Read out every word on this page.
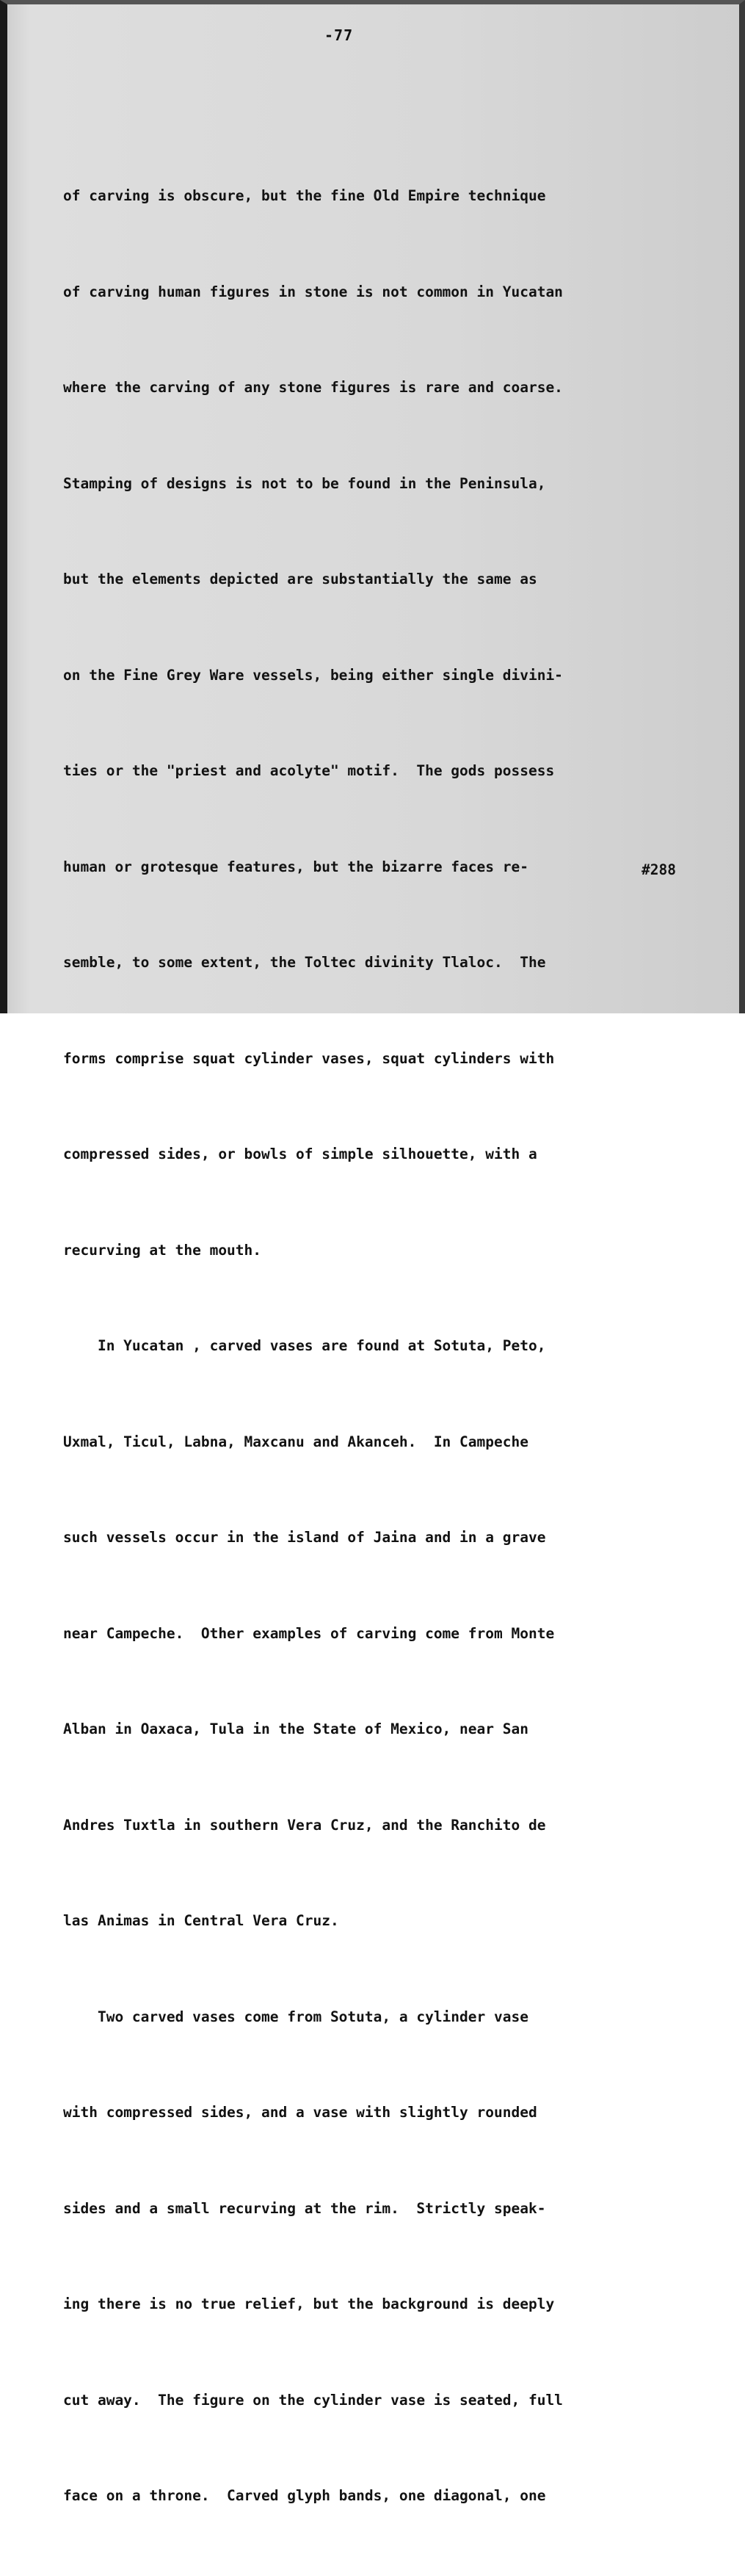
-77

of carving is obscure, but the fine Old Empire technique

of carving human figures in stone is not common in Yucatan

where the carving of any stone figures is rare and coarse.

Stamping of designs is not to be found in the Peninsula,

but the elements depicted are substantially the same as

on the Fine Grey Ware vessels, being either single divini-

ties or the "priest and acolyte" motif.  The gods possess

human or grotesque features, but the bizarre faces re-

semble, to some extent, the Toltec divinity Tlaloc.  The

forms comprise squat cylinder vases, squat cylinders with

compressed sides, or bowls of simple silhouette, with a

recurving at the mouth.

In Yucatan , carved vases are found at Sotuta, Peto,

Uxmal, Ticul, Labna, Maxcanu and Akanceh.  In Campeche

such vessels occur in the island of Jaina and in a grave

near Campeche.  Other examples of carving come from Monte

Alban in Oaxaca, Tula in the State of Mexico, near San

Andres Tuxtla in southern Vera Cruz, and the Ranchito de

las Animas in Central Vera Cruz.

Two carved vases come from Sotuta, a cylinder vase

with compressed sides, and a vase with slightly rounded

sides and a small recurving at the rim.  Strictly speak-

ing there is no true relief, but the background is deeply

cut away.  The figure on the cylinder vase is seated, full

face on a throne.  Carved glyph bands, one diagonal, one

#288
